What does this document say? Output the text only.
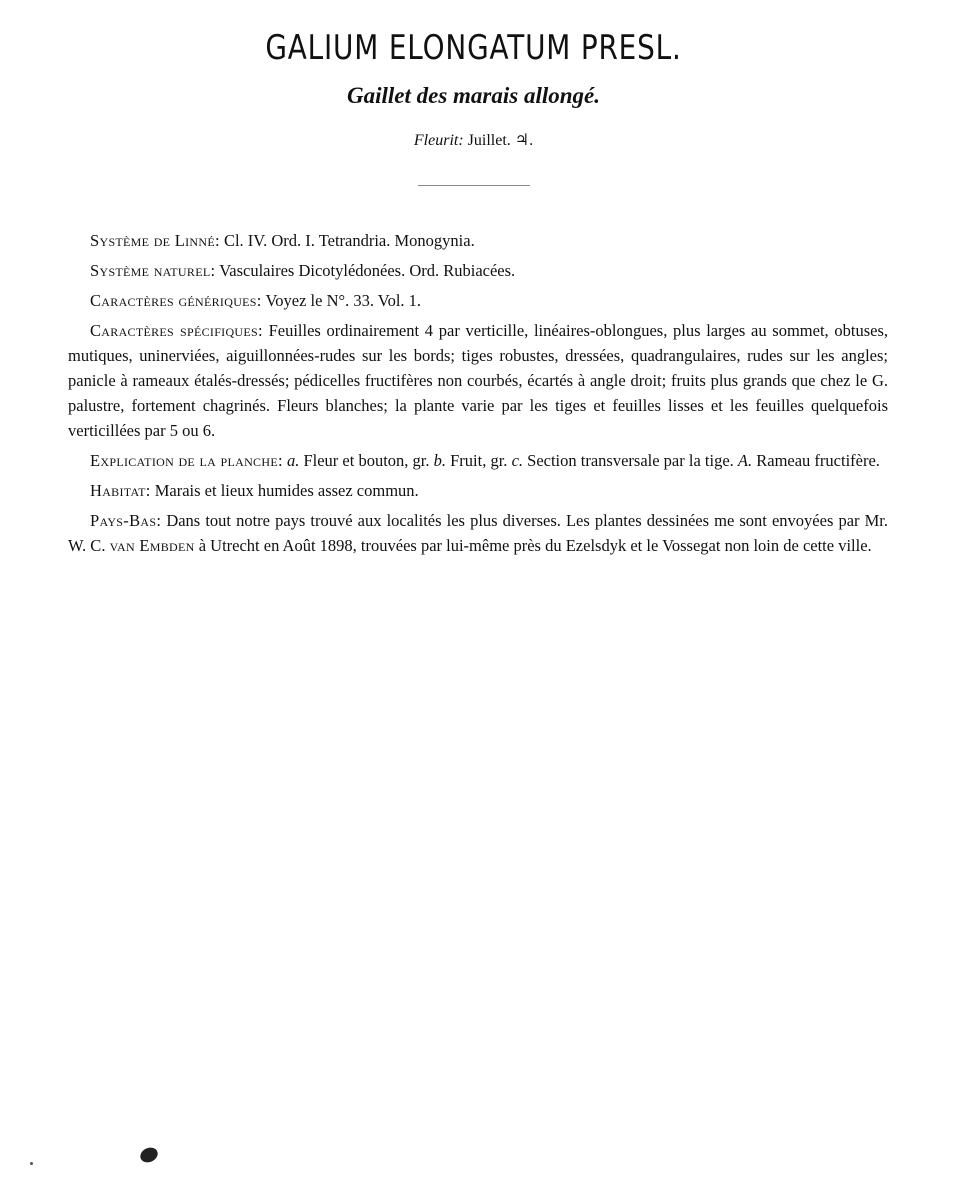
GALIUM ELONGATUM PRESL.
Gaillet des marais allongé.
Fleurit: Juillet. ♃.

Système de Linné: Cl. IV. Ord. I. Tetrandria. Monogynia.

Système naturel: Vasculaires Dicotylédonées. Ord. Rubiacées.

Caractères génériques: Voyez le N°. 33. Vol. 1.

Caractères spécifiques: Feuilles ordinairement 4 par verticille, linéaires-oblongues, plus larges au sommet, obtuses, mutiques, uninerviées, aiguillonnées-rudes sur les bords; tiges robustes, dressées, quadrangulaires, rudes sur les angles; panicle à rameaux étalés-dressés; pédicelles fructifères non courbés, écartés à angle droit; fruits plus grands que chez le G. palustre, fortement chagrinés. Fleurs blanches; la plante varie par les tiges et feuilles lisses et les feuilles quelquefois verticillées par 5 ou 6.

Explication de la planche: a. Fleur et bouton, gr. b. Fruit, gr. c. Section transversale par la tige. A. Rameau fructifère.

Habitat: Marais et lieux humides assez commun.

Pays-Bas: Dans tout notre pays trouvé aux localités les plus diverses. Les plantes dessinées me sont envoyées par Mr. W. C. van Embden à Utrecht en Août 1898, trouvées par lui-même près du Ezelsdyk et le Vossegat non loin de cette ville.
